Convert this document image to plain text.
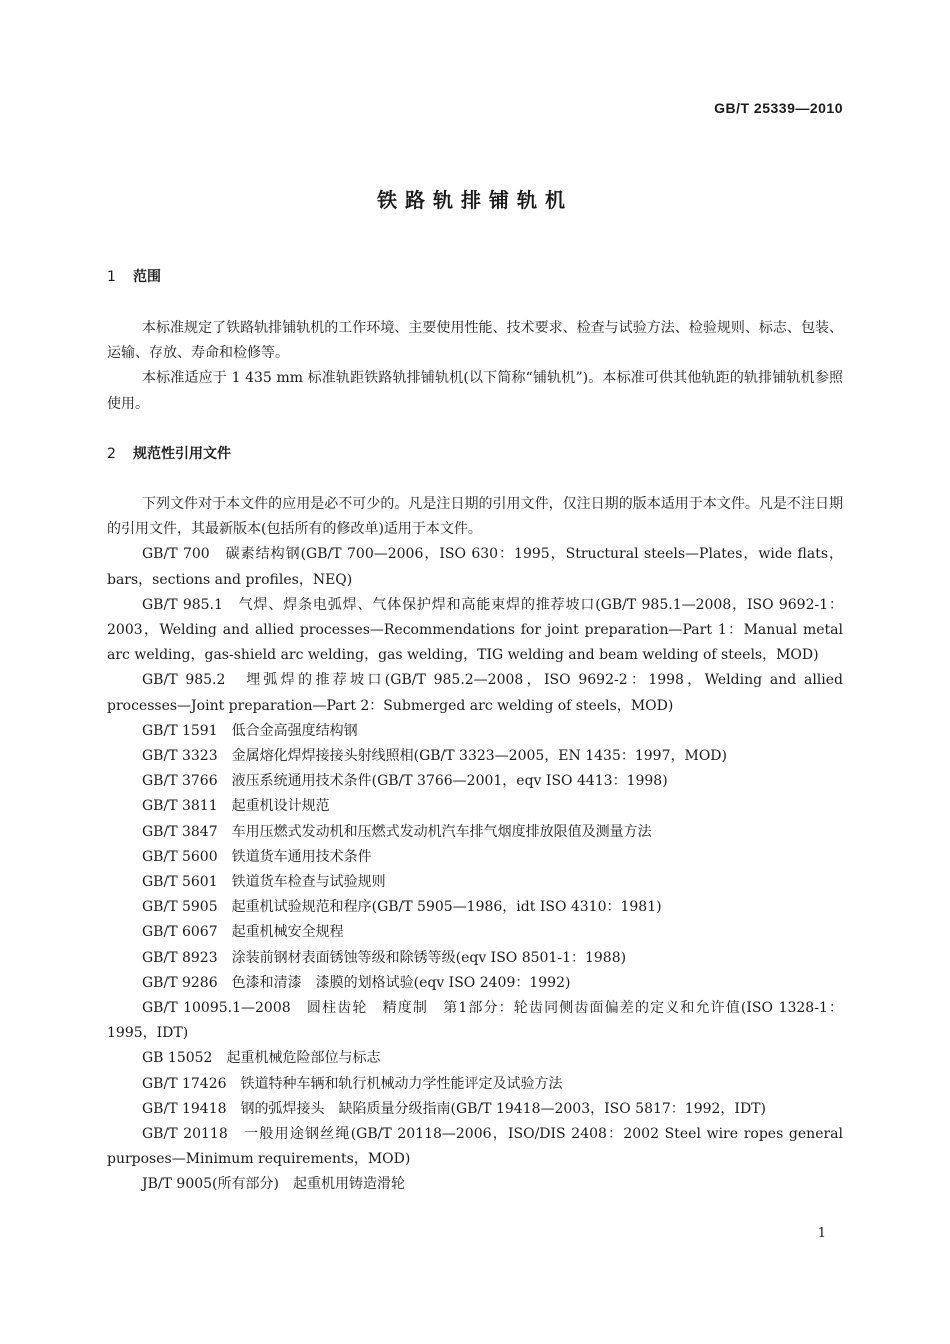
GB/T 25339—2010
铁路轨排铺轨机
1 范围

本标准规定了铁路轨排铺轨机的工作环境、主要使用性能、技术要求、检查与试验方法、检验规则、标志、包装、运输、存放、寿命和检修等。

本标准适应于 1 435 mm 标准轨距铁路轨排铺轨机(以下简称“铺轨机”)。本标准可供其他轨距的轨排铺轨机参照使用。

2 规范性引用文件

下列文件对于本文件的应用是必不可少的。凡是注日期的引用文件，仅注日期的版本适用于本文件。凡是不注日期的引用文件，其最新版本(包括所有的修改单)适用于本文件。

GB/T 700　碳素结构钢(GB/T 700—2006，ISO 630：1995，Structural steels—Plates，wide flats，bars，sections and profiles，NEQ)

GB/T 985.1　气焊、焊条电弧焊、气体保护焊和高能束焊的推荐坡口(GB/T 985.1—2008，ISO 9692-1：2003，Welding and allied processes—Recommendations for joint preparation—Part 1：Manual metal arc welding，gas-shield arc welding，gas welding，TIG welding and beam welding of steels，MOD)

GB/T 985.2　埋弧焊的推荐坡口(GB/T 985.2—2008，ISO 9692-2：1998，Welding and allied processes—Joint preparation—Part 2：Submerged arc welding of steels，MOD)

GB/T 1591　低合金高强度结构钢

GB/T 3323　金属熔化焊焊接接头射线照相(GB/T 3323—2005，EN 1435：1997，MOD)

GB/T 3766　液压系统通用技术条件(GB/T 3766—2001，eqv ISO 4413：1998)

GB/T 3811　起重机设计规范

GB/T 3847　车用压燃式发动机和压燃式发动机汽车排气烟度排放限值及测量方法

GB/T 5600　铁道货车通用技术条件

GB/T 5601　铁道货车检查与试验规则

GB/T 5905　起重机试验规范和程序(GB/T 5905—1986，idt ISO 4310：1981)

GB/T 6067　起重机械安全规程

GB/T 8923　涂装前钢材表面锈蚀等级和除锈等级(eqv ISO 8501-1：1988)

GB/T 9286　色漆和清漆　漆膜的划格试验(eqv ISO 2409：1992)

GB/T 10095.1—2008　圆柱齿轮　精度制　第1部分：轮齿同侧齿面偏差的定义和允许值(ISO 1328-1：1995，IDT)

GB 15052　起重机械危险部位与标志

GB/T 17426　铁道特种车辆和轨行机械动力学性能评定及试验方法

GB/T 19418　钢的弧焊接头　缺陷质量分级指南(GB/T 19418—2003，ISO 5817：1992，IDT)

GB/T 20118　一般用途钢丝绳(GB/T 20118—2006，ISO/DIS 2408：2002 Steel wire ropes general purposes—Minimum requirements，MOD)

JB/T 9005(所有部分)　起重机用铸造滑轮

1
